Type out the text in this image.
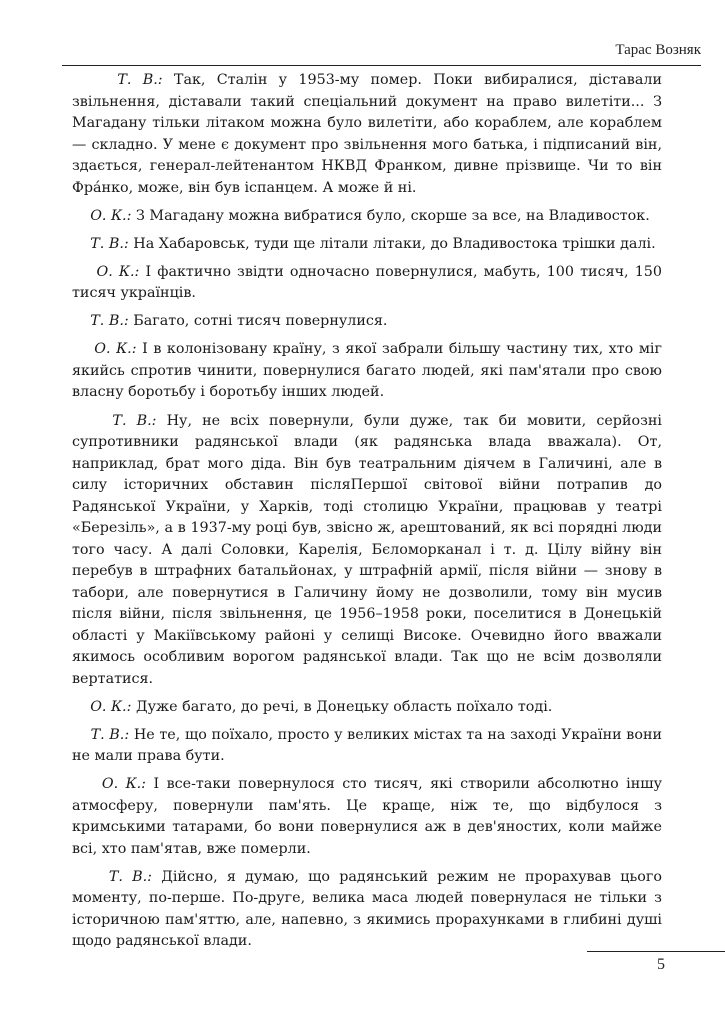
Тарас Возняк

Т. В.: Так, Сталін у 1953-му помер. Поки вибиралися, діставали звільнення, діставали такий спеціальний документ на право вилетіти... З Магадану тільки літаком можна було вилетіти, або кораблем, але кораблем — складно. У мене є документ про звільнення мого батька, і підписаний він, здається, генерал-лейтенантом НКВД Франком, дивне прізвище. Чи то він Фрáнко, може, він був іспанцем. А може й ні.

О. К.: З Магадану можна вибратися було, скорше за все, на Владивосток.

Т. В.: На Хабаровськ, туди ще літали літаки, до Владивостока трішки далі.

О. К.: І фактично звідти одночасно повернулися, мабуть, 100 тисяч, 150 тисяч українців.

Т. В.: Багато, сотні тисяч повернулися.

О. К.: І в колонізовану країну, з якої забрали більшу частину тих, хто міг якийсь спротив чинити, повернулися багато людей, які пам'ятали про свою власну боротьбу і боротьбу інших людей.

Т. В.: Ну, не всіх повернули, були дуже, так би мовити, серйозні супротивники радянської влади (як радянська влада вважала). От, наприклад, брат мого діда. Він був театральним діячем в Галичині, але в силу історичних обставин післяПершої світової війни потрапив до Радянської України, у Харків, тоді столицю України, працював у театрі «Березіль», а в 1937-му році був, звісно ж, арештований, як всі порядні люди того часу. А далі Соловки, Карелія, Бєломорканал і т. д. Цілу війну він перебув в штрафних батальйонах, у штрафній армії, після війни — знову в табори, але повернутися в Галичину йому не дозволили, тому він мусив після війни, після звільнення, це 1956–1958 роки, поселитися в Донецькій області у Макіївському районі у селищі Високе. Очевидно його вважали якимось особливим ворогом радянської влади. Так що не всім дозволяли вертатися.

О. К.: Дуже багато, до речі, в Донецьку область поїхало тоді.

Т. В.: Не те, що поїхало, просто у великих містах та на заході України вони не мали права бути.

О. К.: І все-таки повернулося сто тисяч, які створили абсолютно іншу атмосферу, повернули пам'ять. Це краще, ніж те, що відбулося з кримськими татарами, бо вони повернулися аж в дев'яностих, коли майже всі, хто пам'ятав, вже померли.

Т. В.: Дійсно, я думаю, що радянський режим не прорахував цього моменту, по-перше. По-друге, велика маса людей повернулася не тільки з історичною пам'яттю, але, напевно, з якимись прорахунками в глибині душі щодо радянської влади.

5
